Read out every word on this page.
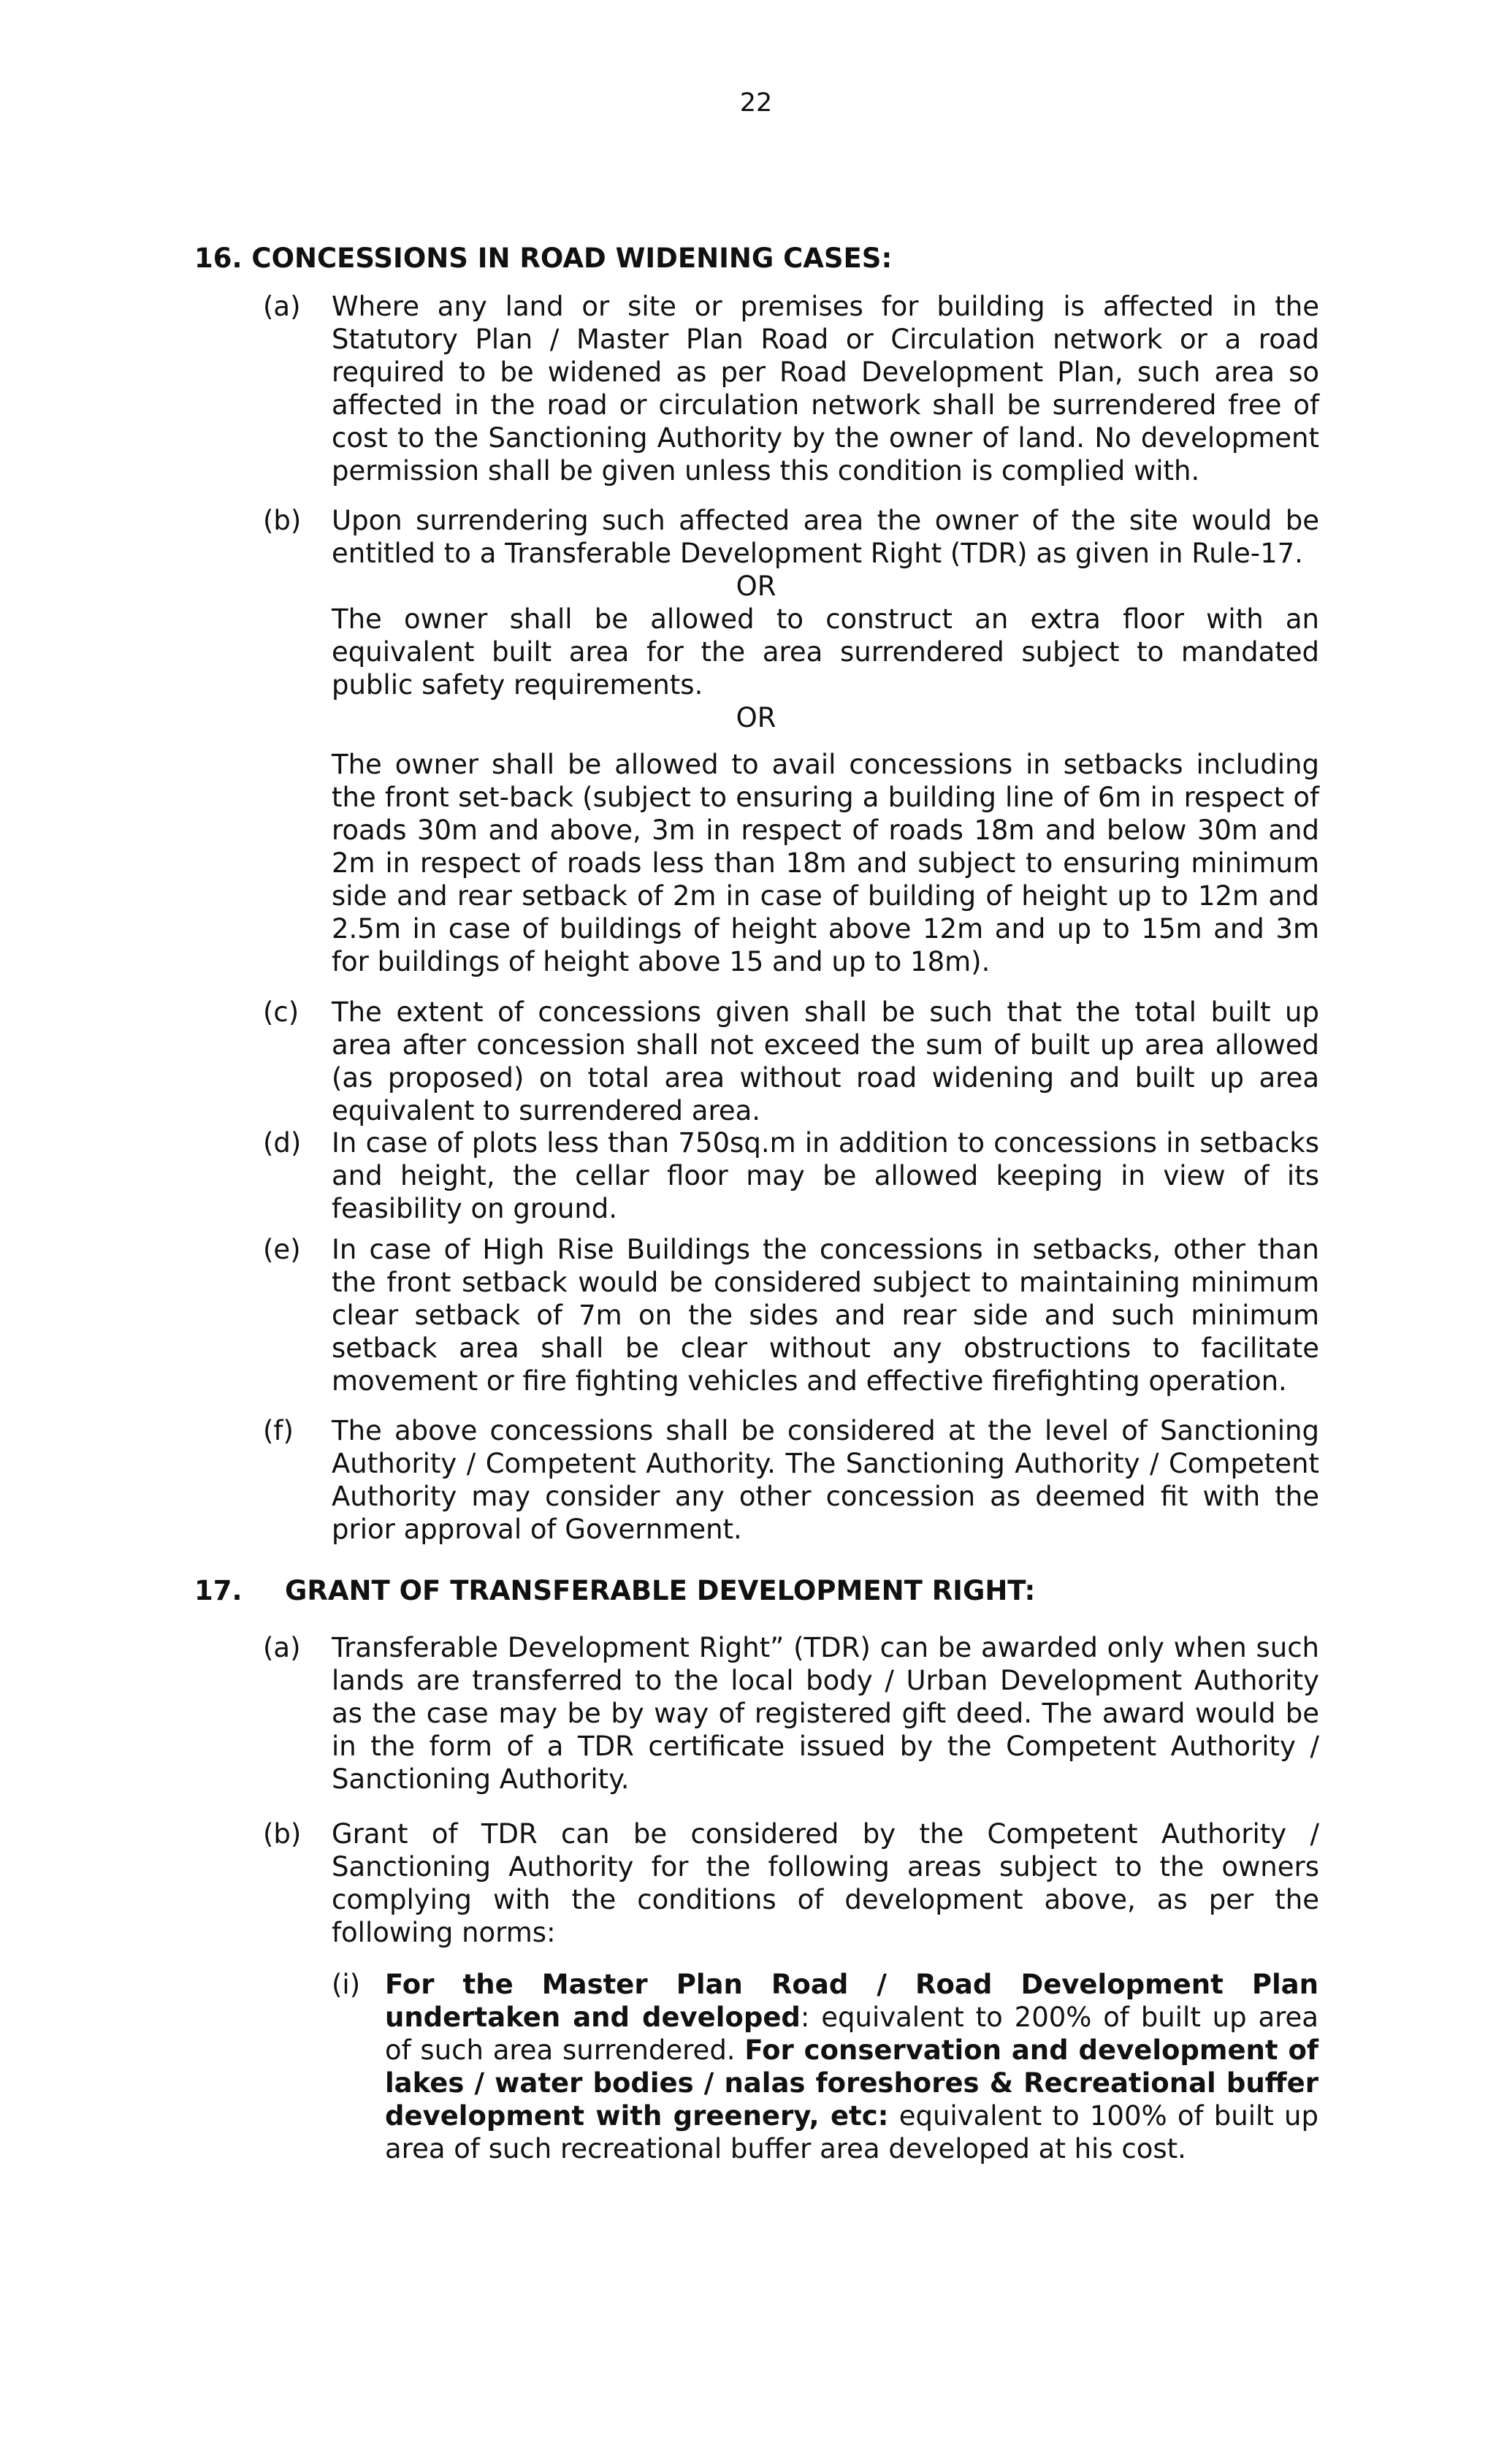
22
16. CONCESSIONS IN ROAD WIDENING CASES:
(a) Where any land or site or premises for building is affected in the Statutory Plan / Master Plan Road or Circulation network or a road required to be widened as per Road Development Plan, such area so affected in the road or circulation network shall be surrendered free of cost to the Sanctioning Authority by the owner of land. No development permission shall be given unless this condition is complied with.
(b) Upon surrendering such affected area the owner of the site would be entitled to a Transferable Development Right (TDR) as given in Rule-17.
OR
The owner shall be allowed to construct an extra floor with an equivalent built area for the area surrendered subject to mandated public safety requirements.
OR
The owner shall be allowed to avail concessions in setbacks including the front set-back (subject to ensuring a building line of 6m in respect of roads 30m and above, 3m in respect of roads 18m and below 30m and 2m in respect of roads less than 18m and subject to ensuring minimum side and rear setback of 2m in case of building of height up to 12m and 2.5m in case of buildings of height above 12m and up to 15m and 3m for buildings of height above 15 and up to 18m).
(c) The extent of concessions given shall be such that the total built up area after concession shall not exceed the sum of built up area allowed (as proposed) on total area without road widening and built up area equivalent to surrendered area.
(d) In case of plots less than 750sq.m in addition to concessions in setbacks and height, the cellar floor may be allowed keeping in view of its feasibility on ground.
(e) In case of High Rise Buildings the concessions in setbacks, other than the front setback would be considered subject to maintaining minimum clear setback of 7m on the sides and rear side and such minimum setback area shall be clear without any obstructions to facilitate movement or fire fighting vehicles and effective firefighting operation.
(f) The above concessions shall be considered at the level of Sanctioning Authority / Competent Authority. The Sanctioning Authority / Competent Authority may consider any other concession as deemed fit with the prior approval of Government.
17. GRANT OF TRANSFERABLE DEVELOPMENT RIGHT:
(a) Transferable Development Right” (TDR) can be awarded only when such lands are transferred to the local body / Urban Development Authority as the case may be by way of registered gift deed. The award would be in the form of a TDR certificate issued by the Competent Authority / Sanctioning Authority.
(b) Grant of TDR can be considered by the Competent Authority / Sanctioning Authority for the following areas subject to the owners complying with the conditions of development above, as per the following norms:
(i) For the Master Plan Road / Road Development Plan undertaken and developed: equivalent to 200% of built up area of such area surrendered. For conservation and development of lakes / water bodies / nalas foreshores & Recreational buffer development with greenery, etc: equivalent to 100% of built up area of such recreational buffer area developed at his cost.
